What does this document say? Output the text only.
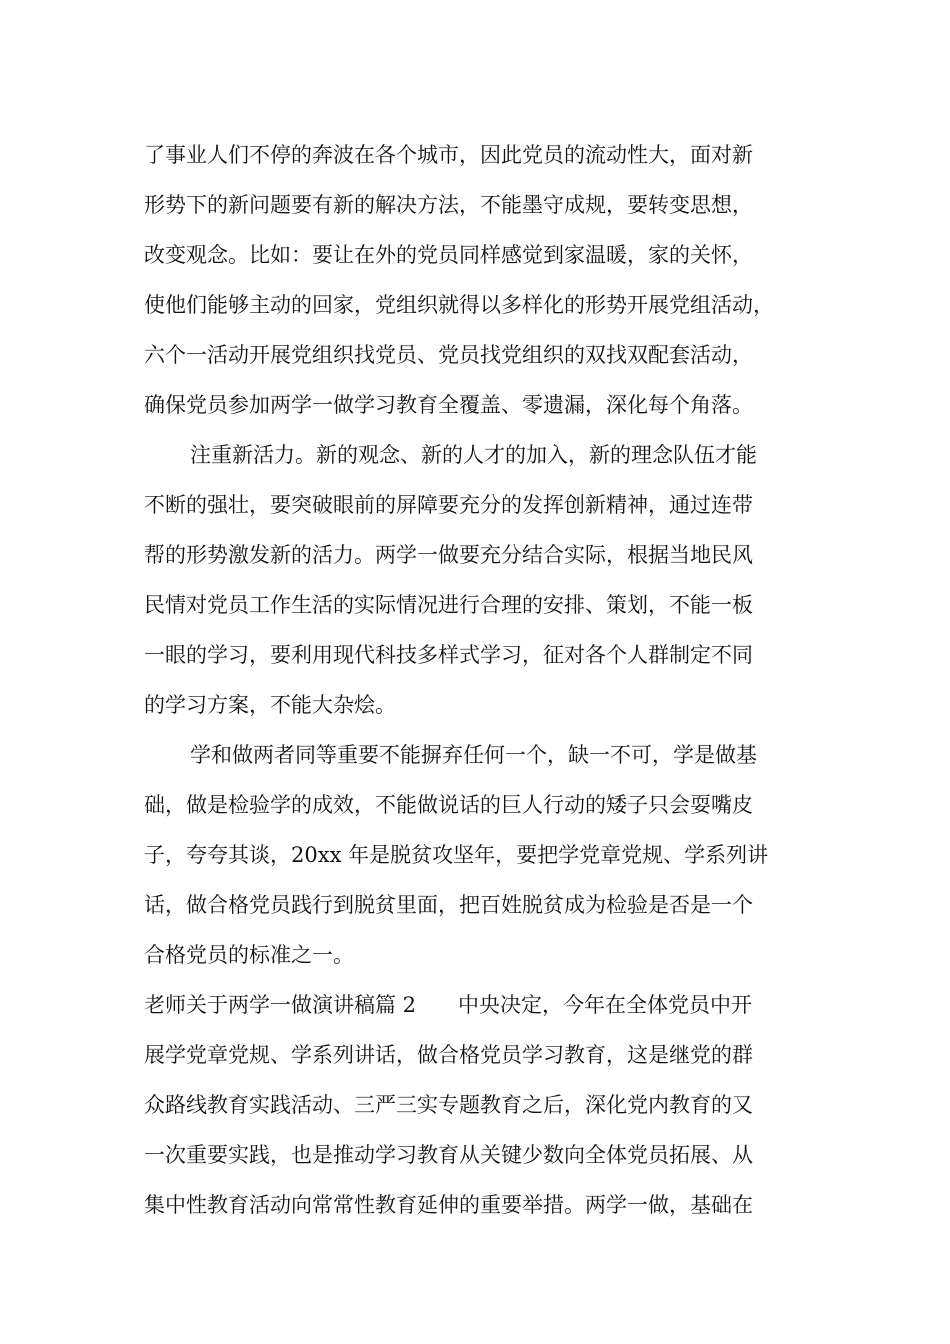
了事业人们不停的奔波在各个城市，因此党员的流动性大，面对新
形势下的新问题要有新的解决方法，不能墨守成规，要转变思想，
改变观念。比如：要让在外的党员同样感觉到家温暖，家的关怀，
使他们能够主动的回家，党组织就得以多样化的形势开展党组活动，
六个一活动开展党组织找党员、党员找党组织的双找双配套活动，
确保党员参加两学一做学习教育全覆盖、零遗漏，深化每个角落。
注重新活力。新的观念、新的人才的加入，新的理念队伍才能
不断的强壮，要突破眼前的屏障要充分的发挥创新精神，通过连带
帮的形势激发新的活力。两学一做要充分结合实际，根据当地民风
民情对党员工作生活的实际情况进行合理的安排、策划，不能一板
一眼的学习，要利用现代科技多样式学习，征对各个人群制定不同
的学习方案，不能大杂烩。
学和做两者同等重要不能摒弃任何一个，缺一不可，学是做基
础，做是检验学的成效，不能做说话的巨人行动的矮子只会耍嘴皮
子，夸夸其谈，20xx 年是脱贫攻坚年，要把学党章党规、学系列讲
话，做合格党员践行到脱贫里面，把百姓脱贫成为检验是否是一个
合格党员的标准之一。
老师关于两学一做演讲稿篇 2　　中央决定，今年在全体党员中开
展学党章党规、学系列讲话，做合格党员学习教育，这是继党的群
众路线教育实践活动、三严三实专题教育之后，深化党内教育的又
一次重要实践，也是推动学习教育从关键少数向全体党员拓展、从
集中性教育活动向常常性教育延伸的重要举措。两学一做，基础在
